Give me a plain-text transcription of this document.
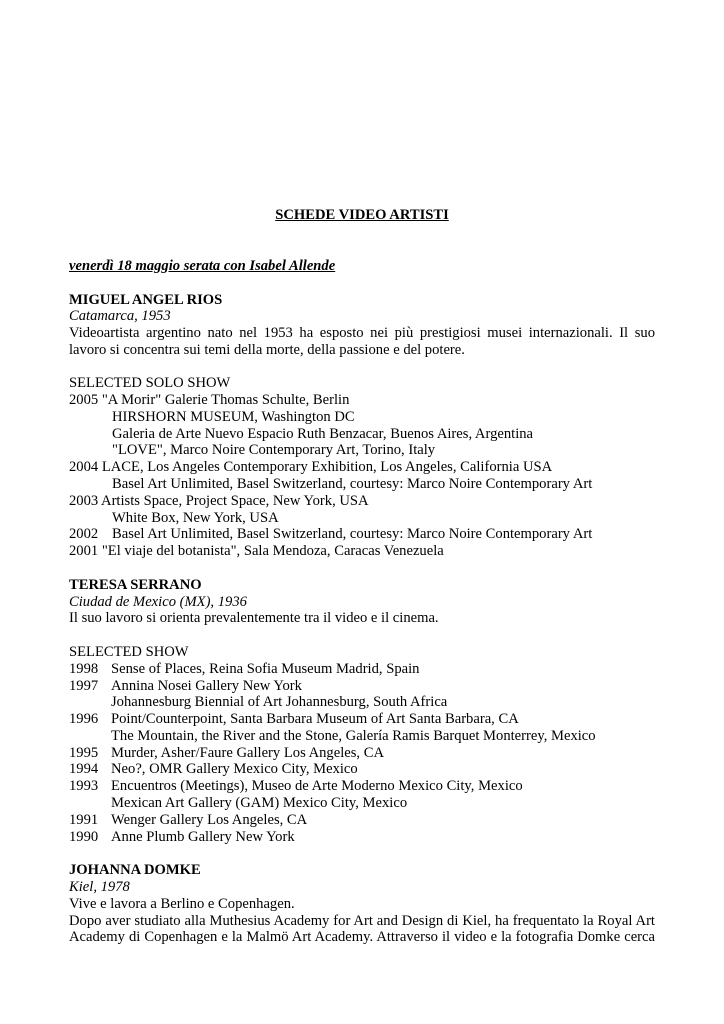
SCHEDE VIDEO ARTISTI
venerdì 18 maggio serata con Isabel Allende
MIGUEL ANGEL RIOS
Catamarca, 1953
Videoartista argentino nato nel 1953 ha esposto nei più prestigiosi musei internazionali. Il suo
lavoro si concentra sui temi della morte, della passione e del potere.
SELECTED SOLO SHOW
2005 "A Morir" Galerie Thomas Schulte, Berlin
HIRSHORN MUSEUM, Washington DC
Galeria de Arte Nuevo Espacio Ruth Benzacar, Buenos Aires, Argentina
"LOVE", Marco Noire Contemporary Art, Torino, Italy
2004 LACE, Los Angeles Contemporary Exhibition, Los Angeles, California USA
Basel Art Unlimited, Basel Switzerland, courtesy: Marco Noire Contemporary Art
2003 Artists Space, Project Space, New York, USA
White Box, New York, USA
2002 Basel Art Unlimited, Basel Switzerland, courtesy: Marco Noire Contemporary Art
2001 "El viaje del botanista", Sala Mendoza, Caracas Venezuela
TERESA SERRANO
Ciudad de Mexico (MX), 1936
Il suo lavoro si orienta prevalentemente tra il video e il cinema.
SELECTED SHOW
1998 Sense of Places, Reina Sofia Museum Madrid, Spain
1997 Annina Nosei Gallery New York
Johannesburg Biennial of Art Johannesburg, South Africa
1996 Point/Counterpoint, Santa Barbara Museum of Art Santa Barbara, CA
The Mountain, the River and the Stone, Galería Ramis Barquet Monterrey, Mexico
1995 Murder, Asher/Faure Gallery Los Angeles, CA
1994 Neo?, OMR Gallery Mexico City, Mexico
1993 Encuentros (Meetings), Museo de Arte Moderno Mexico City, Mexico
Mexican Art Gallery (GAM) Mexico City, Mexico
1991 Wenger Gallery Los Angeles, CA
1990 Anne Plumb Gallery New York
JOHANNA DOMKE
Kiel, 1978
Vive e lavora a Berlino e Copenhagen.
Dopo aver studiato alla Muthesius Academy for Art and Design di Kiel, ha frequentato la Royal Art
Academy di Copenhagen e la Malmö Art Academy. Attraverso il video e la fotografia Domke cerca
